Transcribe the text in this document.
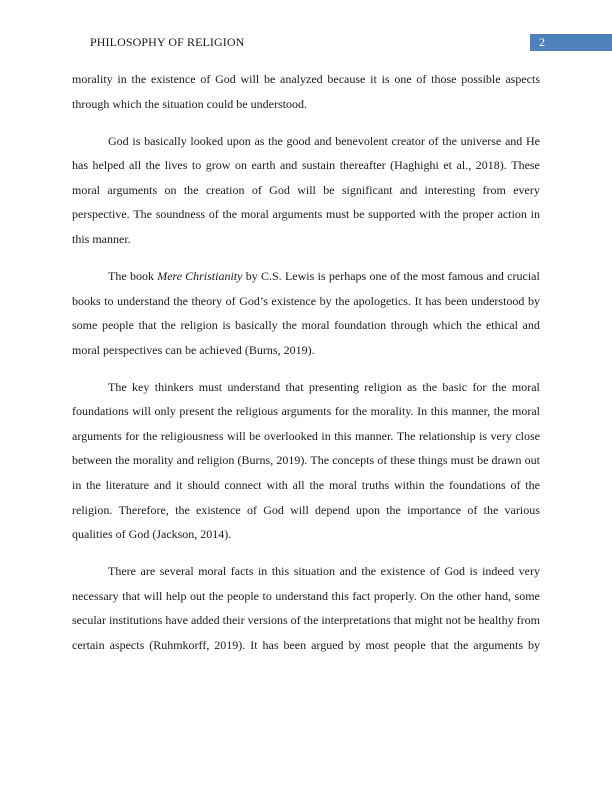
PHILOSOPHY OF RELIGION	2
morality in the existence of God will be analyzed because it is one of those possible aspects
through which the situation could be understood.
God is basically looked upon as the good and benevolent creator of the universe and He
has helped all the lives to grow on earth and sustain thereafter (Haghighi et al., 2018). These
moral arguments on the creation of God will be significant and interesting from every
perspective. The soundness of the moral arguments must be supported with the proper action in
this manner.
The book Mere Christianity by C.S. Lewis is perhaps one of the most famous and crucial
books to understand the theory of God’s existence by the apologetics. It has been understood by
some people that the religion is basically the moral foundation through which the ethical and
moral perspectives can be achieved (Burns, 2019).
The key thinkers must understand that presenting religion as the basic for the moral
foundations will only present the religious arguments for the morality. In this manner, the moral
arguments for the religiousness will be overlooked in this manner. The relationship is very close
between the morality and religion (Burns, 2019). The concepts of these things must be drawn out
in the literature and it should connect with all the moral truths within the foundations of the
religion. Therefore, the existence of God will depend upon the importance of the various
qualities of God (Jackson, 2014).
There are several moral facts in this situation and the existence of God is indeed very
necessary that will help out the people to understand this fact properly. On the other hand, some
secular institutions have added their versions of the interpretations that might not be healthy from
certain aspects (Ruhmkorff, 2019). It has been argued by most people that the arguments by
